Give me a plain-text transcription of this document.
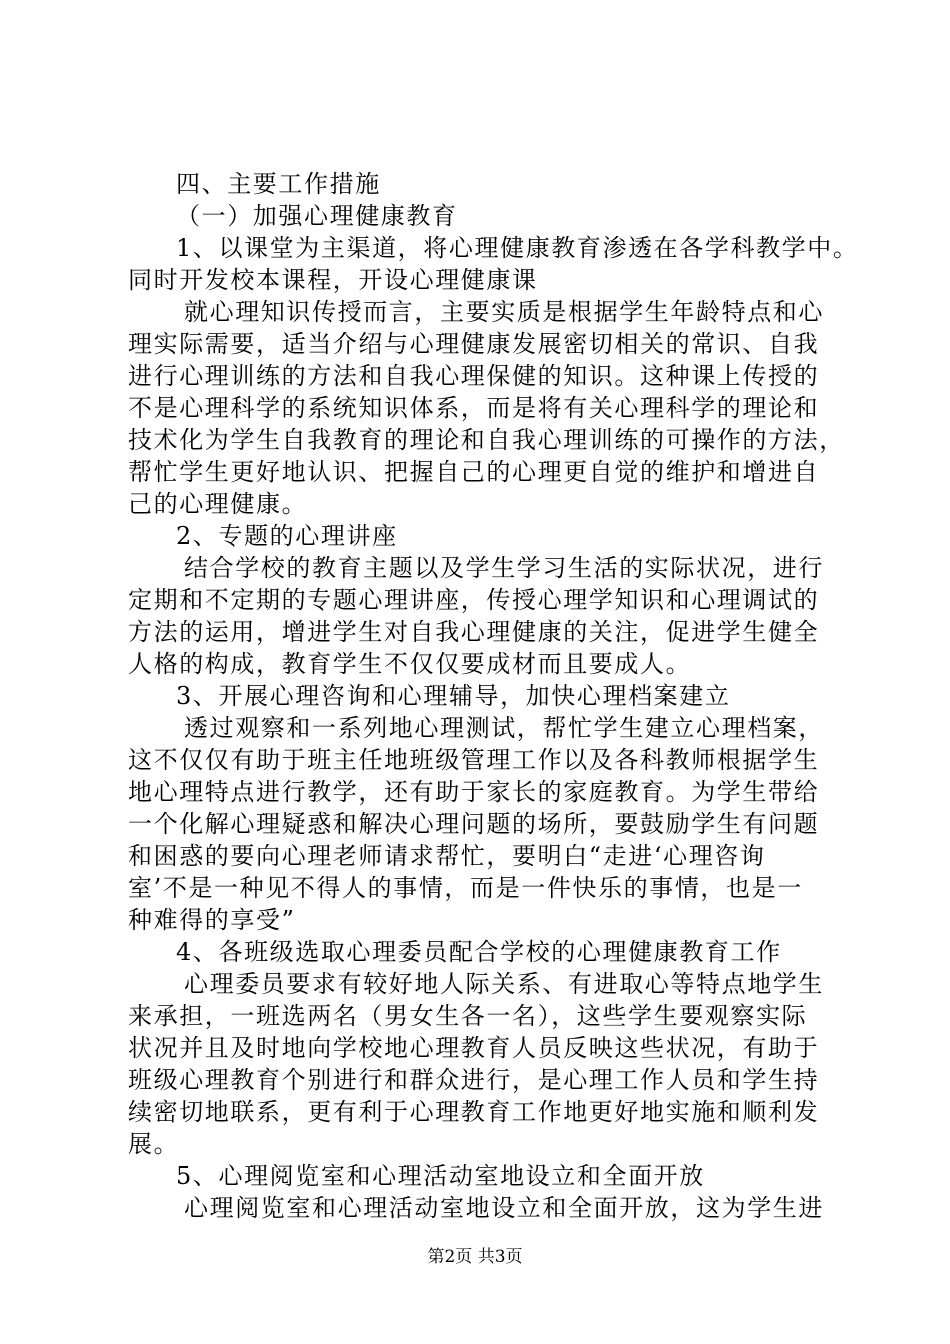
四、主要工作措施
（一）加强心理健康教育
1、以课堂为主渠道，将心理健康教育渗透在各学科教学中。
同时开发校本课程，开设心理健康课
就心理知识传授而言，主要实质是根据学生年龄特点和心
理实际需要，适当介绍与心理健康发展密切相关的常识、自我
进行心理训练的方法和自我心理保健的知识。这种课上传授的
不是心理科学的系统知识体系，而是将有关心理科学的理论和
技术化为学生自我教育的理论和自我心理训练的可操作的方法，
帮忙学生更好地认识、把握自己的心理更自觉的维护和增进自
己的心理健康。
2、专题的心理讲座
结合学校的教育主题以及学生学习生活的实际状况，进行
定期和不定期的专题心理讲座，传授心理学知识和心理调试的
方法的运用，增进学生对自我心理健康的关注，促进学生健全
人格的构成，教育学生不仅仅要成材而且要成人。
3、开展心理咨询和心理辅导，加快心理档案建立
透过观察和一系列地心理测试，帮忙学生建立心理档案，
这不仅仅有助于班主任地班级管理工作以及各科教师根据学生
地心理特点进行教学，还有助于家长的家庭教育。为学生带给
一个化解心理疑惑和解决心理问题的场所，要鼓励学生有问题
和困惑的要向心理老师请求帮忙，要明白“走进‘心理咨询
室’不是一种见不得人的事情，而是一件快乐的事情，也是一
种难得的享受”
4、各班级选取心理委员配合学校的心理健康教育工作
心理委员要求有较好地人际关系、有进取心等特点地学生
来承担，一班选两名（男女生各一名），这些学生要观察实际
状况并且及时地向学校地心理教育人员反映这些状况，有助于
班级心理教育个别进行和群众进行，是心理工作人员和学生持
续密切地联系，更有利于心理教育工作地更好地实施和顺利发
展。
5、心理阅览室和心理活动室地设立和全面开放
心理阅览室和心理活动室地设立和全面开放，这为学生进
第2页 共3页
